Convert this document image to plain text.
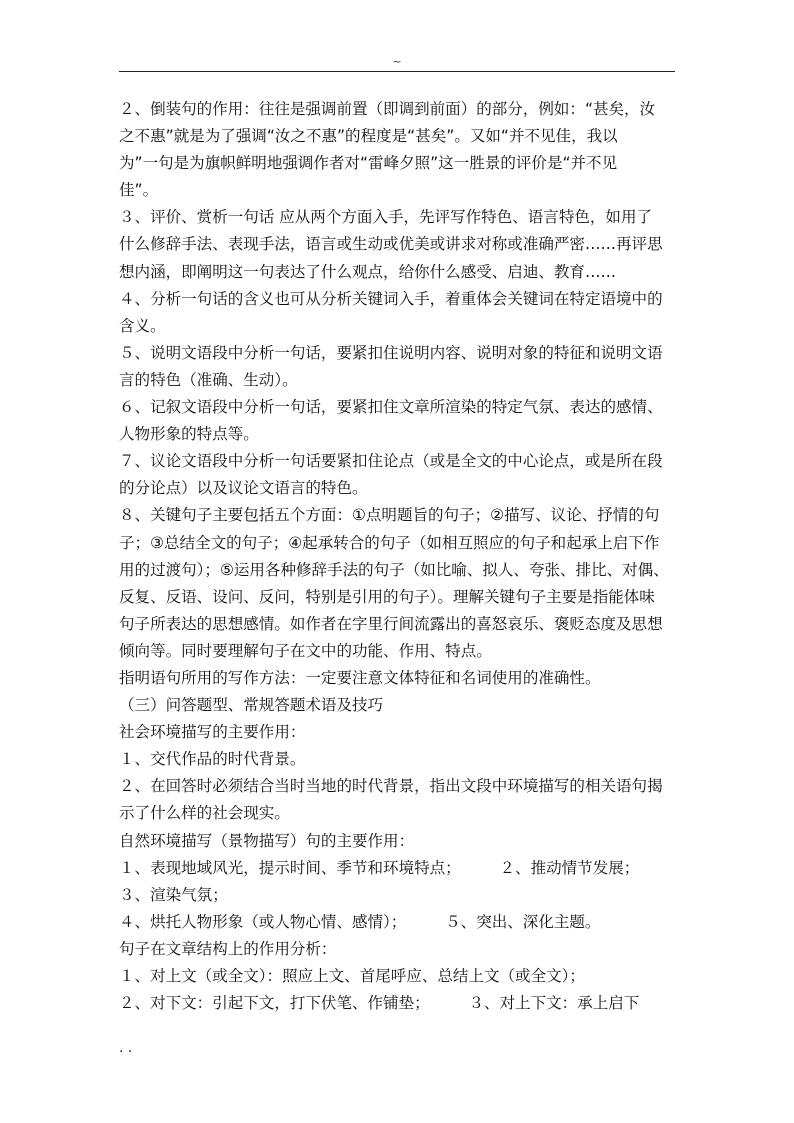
~
２、倒装句的作用：往往是强调前置（即调到前面）的部分，例如：“甚矣，汝
之不惠”就是为了强调“汝之不惠”的程度是“甚矣”。又如“并不见佳，我以
为”一句是为旗帜鲜明地强调作者对“雷峰夕照”这一胜景的评价是“并不见
佳”。
３、评价、赏析一句话 应从两个方面入手，先评写作特色、语言特色，如用了
什么修辞手法、表现手法，语言或生动或优美或讲求对称或准确严密……再评思
想内涵，即阐明这一句表达了什么观点，给你什么感受、启迪、教育……
４、分析一句话的含义也可从分析关键词入手，着重体会关键词在特定语境中的
含义。
５、说明文语段中分析一句话，要紧扣住说明内容、说明对象的特征和说明文语
言的特色（准确、生动）。
６、记叙文语段中分析一句话，要紧扣住文章所渲染的特定气氛、表达的感情、
人物形象的特点等。
７、议论文语段中分析一句话要紧扣住论点（或是全文的中心论点，或是所在段
的分论点）以及议论文语言的特色。
８、关键句子主要包括五个方面：①点明题旨的句子；②描写、议论、抒情的句
子；③总结全文的句子；④起承转合的句子（如相互照应的句子和起承上启下作
用的过渡句）；⑤运用各种修辞手法的句子（如比喻、拟人、夸张、排比、对偶、
反复、反语、设问、反问，特别是引用的句子）。理解关键句子主要是指能体味
句子所表达的思想感情。如作者在字里行间流露出的喜怒哀乐、褒贬态度及思想
倾向等。同时要理解句子在文中的功能、作用、特点。
指明语句所用的写作方法：一定要注意文体特征和名词使用的准确性。
（三）问答题型、常规答题术语及技巧
社会环境描写的主要作用：
１、交代作品的时代背景。
２、在回答时必须结合当时当地的时代背景，指出文段中环境描写的相关语句揭
示了什么样的社会现实。
自然环境描写（景物描写）句的主要作用：
１、表现地域风光，提示时间、季节和环境特点；　　　２、推动情节发展；
３、渲染气氛；
４、烘托人物形象（或人物心情、感情）；　　　５、突出、深化主题。
句子在文章结构上的作用分析：
１、对上文（或全文）：照应上文、首尾呼应、总结上文（或全文）；
２、对下文：引起下文，打下伏笔、作铺垫；　　　３、对上下文：承上启下
. .
